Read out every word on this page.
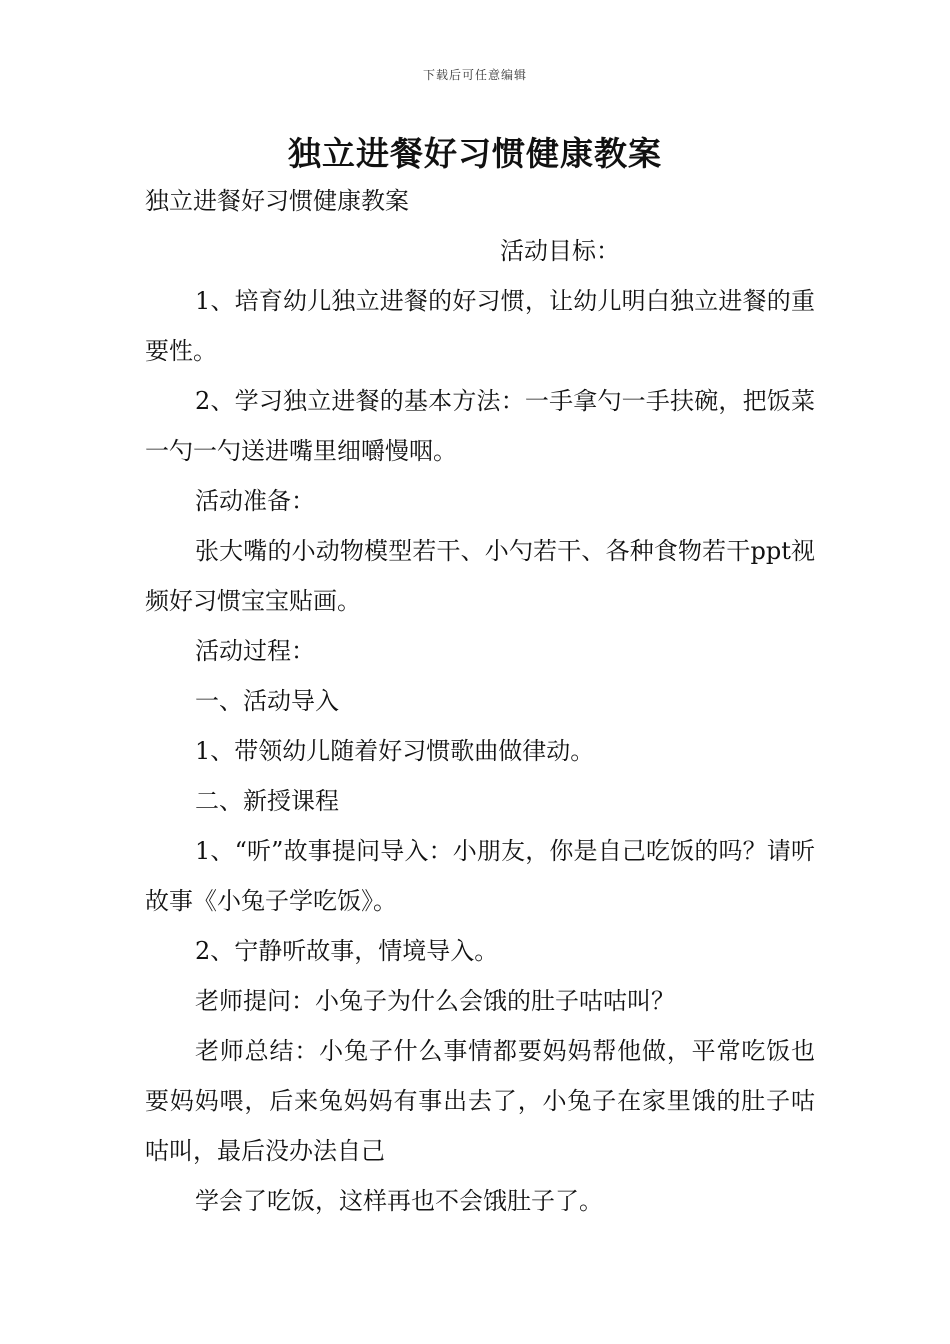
下载后可任意编辑
独立进餐好习惯健康教案

独立进餐好习惯健康教案

活动目标：

1、培育幼儿独立进餐的好习惯，让幼儿明白独立进餐的重要性。

2、学习独立进餐的基本方法：一手拿勺一手扶碗，把饭菜一勺一勺送进嘴里细嚼慢咽。

活动准备：

张大嘴的小动物模型若干、小勺若干、各种食物若干ppt视频好习惯宝宝贴画。

活动过程：

一、活动导入

1、带领幼儿随着好习惯歌曲做律动。

二、新授课程

1、“听”故事提问导入：小朋友，你是自己吃饭的吗？请听故事《小兔子学吃饭》。

2、宁静听故事，情境导入。

老师提问：小兔子为什么会饿的肚子咕咕叫？

老师总结：小兔子什么事情都要妈妈帮他做，平常吃饭也要妈妈喂，后来兔妈妈有事出去了，小兔子在家里饿的肚子咕咕叫，最后没办法自己

学会了吃饭，这样再也不会饿肚子了。
